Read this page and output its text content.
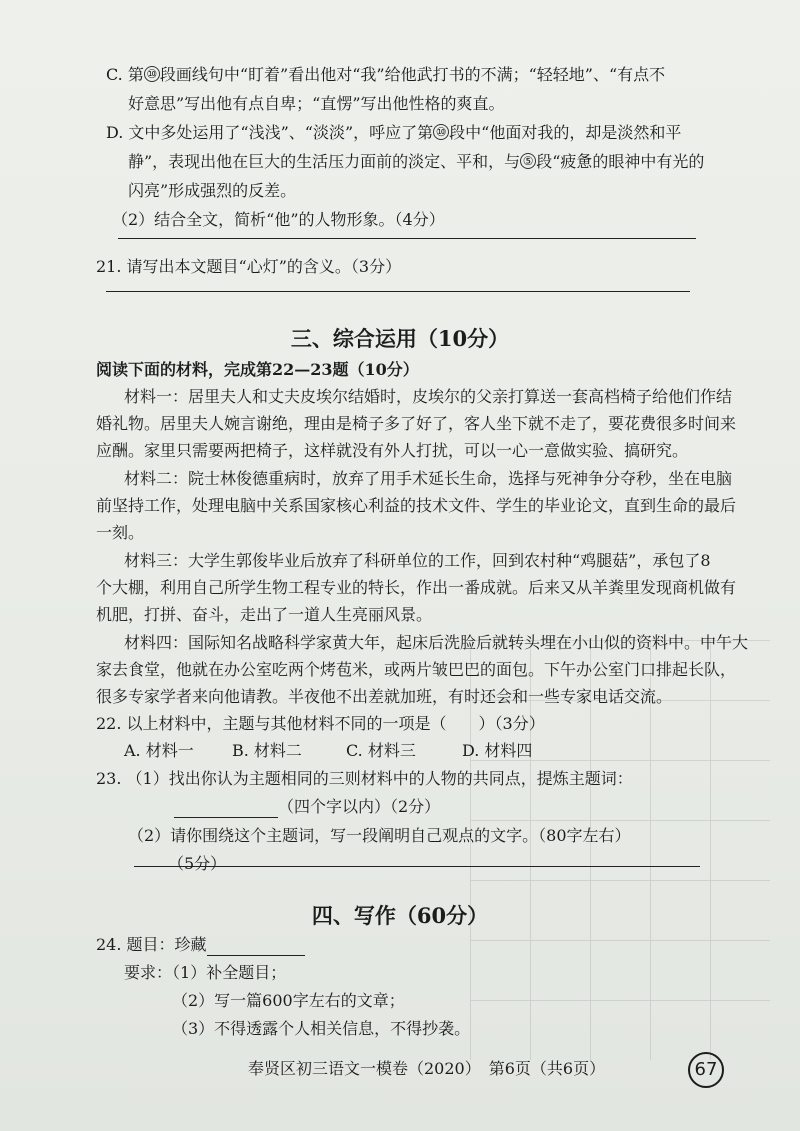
C. 第 ⑩ 段画线句中“盯着”看出他对“我”给他武打书的不满；“轻轻地”、“有点不
好意思”写出他有点自卑；“直愣”写出他性格的爽直。
D. 文中多处运用了“浅浅”、“淡淡”，呼应了第 ⑩ 段中“他面对我的，却是淡然和平
静”，表现出他在巨大的生活压力面前的淡定、平和，与 ⑤ 段“疲惫的眼神中有光的
闪亮”形成强烈的反差。
（2）结合全文，简析“他”的人物形象。（4分）
21. 请写出本文题目“心灯”的含义。（3分）
三、综合运用（10分）
阅读下面的材料，完成第22—23题（10分）
材料一：居里夫人和丈夫皮埃尔结婚时，皮埃尔的父亲打算送一套高档椅子给他们作结
婚礼物。居里夫人婉言谢绝，理由是椅子多了好了，客人坐下就不走了，要花费很多时间来
应酬。家里只需要两把椅子，这样就没有外人打扰，可以一心一意做实验、搞研究。
材料二：院士林俊德重病时，放弃了用手术延长生命，选择与死神争分夺秒，坐在电脑
前坚持工作，处理电脑中关系国家核心利益的技术文件、学生的毕业论文，直到生命的最后
一刻。
材料三：大学生郭俊毕业后放弃了科研单位的工作，回到农村种“鸡腿菇”，承包了8
个大棚，利用自己所学生物工程专业的特长，作出一番成就。后来又从羊粪里发现商机做有
机肥，打拼、奋斗，走出了一道人生亮丽风景。
材料四：国际知名战略科学家黄大年，起床后洗脸后就转头埋在小山似的资料中。中午大
家去食堂，他就在办公室吃两个烤苞米，或两片皱巴巴的面包。下午办公室门口排起长队，
很多专家学者来向他请教。半夜他不出差就加班，有时还会和一些专家电话交流。
22. 以上材料中，主题与其他材料不同的一项是（　　）（3分）
A. 材料一 B. 材料二	C. 材料三	D. 材料四
23. （1）找出你认为主题相同的三则材料中的人物的共同点，提炼主题词：
（四个字以内）（2分）
（2）请你围绕这个主题词，写一段阐明自己观点的文字。（80字左右）
（5分）
四、写作（60分）
24. 题目：珍藏
要求：（1）补全题目；
（2）写一篇600字左右的文章；
（3）不得透露个人相关信息，不得抄袭。
奉贤区初三语文一模卷（2020）　第6页（共6页）	67
